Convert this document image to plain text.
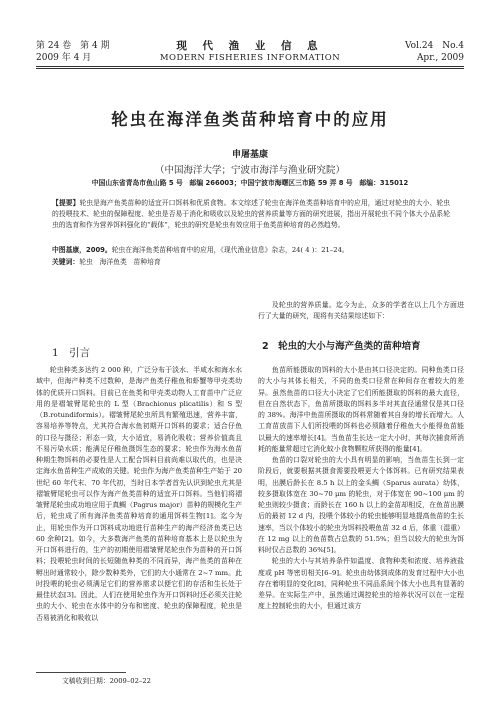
第 24 卷　第 4 期
2009 年 4 月
现 代 渔 业 信 息
MODERN FISHERIES INFORMATION
Vol.24　No.4
Apr., 2009
轮虫在海洋鱼类苗种培育中的应用
申屠基康
（中国海洋大学；宁波市海洋与渔业研究院）
中国山东省青岛市鱼山路 5 号　邮编 266003；中国宁波市海曙区三市路 59 弄 8 号　邮编：315012
【提要】轮虫是海产鱼类苗种的适宜开口饵料和优质食物。本文综述了轮虫在海洋鱼类苗种培育中的应用，通过对轮虫的大小、轮虫的投喂技术、轮虫的保障程度、轮虫是否易于消化和吸收以及轮虫的营养质量等方面的研究进展，指出开展轮虫不同个体大小品系轮虫的选育和作为营养饵料强化的“载体”，轮虫的研究是轮虫有效应用于鱼类苗种培育的必然趋势。
中图基康，2009。轮虫在海洋鱼类苗种培育中的应用，《现代渔业信息》杂志，24( 4 )：21–24。
关键词：轮虫　海洋鱼类　苗种培育

及轮虫的营养质量。迄今为止，众多的学者在以上几个方面进行了大量的研究，现将有关结果综述如下：

1　引言
2　轮虫的大小与海产鱼类的苗种培育

轮虫种类多达约 2 000 种，广泛分布于淡水、半咸水和海水水域中，但海产种类不过数种，是海产鱼类仔稚鱼和虾蟹等甲壳类幼体的优质开口饵料。目前已在鱼类和甲壳类动物人工育苗中广泛应用的是褶皱臂尾轮虫的 L 型（Brachionus plicatilis）和 S 型（B.rotundiformis）。褶皱臂尾轮虫所具有繁殖迅速，营养丰富，容易培养等特点，尤其符合海水鱼初期开口饵料的要求；适合仔鱼的口径与摄径；形态一致，大小适宜，易消化吸收；营养价值高且不易污染水质；能满足仔稚鱼摄饵生态的要求；轮虫作为海水鱼苗种期生物饵料的必要性是人工配合饵料目前尚难以取代的，也是决定海水鱼苗种生产成败的关键。轮虫作为海产鱼类苗种生产始于 20 世纪 60 年代末、70 年代初，当时日本学者首先认识到轮虫尤其是褶皱臂尾轮虫可以作为海产鱼类苗种的适宜开口饵料。当他们将褶皱臂尾轮虫成功地应用于真鲷（Pagrus major）苗种的规模化生产后，轮虫成了所有海洋鱼类苗种培育的通用饵料生物[1]。迄今为止，用轮虫作为开口饵料成功地进行苗种生产的海产经济鱼类已达 60 余种[2]。如今，大多数海产鱼类的苗种培育基本上是以轮虫为开口饵料进行的，生产的初期使用褶皱臂尾轮虫作为苗种的开口饵料；投喂轮虫时间的长短随鱼种类的不同而异，海产鱼类的苗种在孵出时通常较小，除少数种类外，它们的大小通常在 2~7 mm。此时投喂的轮虫必须满足它们的营养需求以便它们的存活和生长处于最佳状态[3]。因此，人们在使用轮虫作为开口饵料时还必须关注轮虫的大小、轮虫在水体中的分布和密度、轮虫的保障程度，轮虫是否易被消化和吸收以

鱼苗所能摄取的饵料的大小是由其口径决定的。同种鱼类口径的大小与其体长相关，不同的鱼类口径常在种间存在着较大的差异。虽然鱼苗的口径大小决定了它们所能摄取的饵料的最大直径，但在自然状态下，鱼苗所摄取的饵料多半对其直径通常仅是其口径的 38%。海洋中鱼苗所摄取的饵料常随着其自身的增长而增大。人工育苗放苗下人们所投喂的饵料也必须随着仔稚鱼大小能得鱼苗能以最大的速率增长[4]。当鱼苗生长达一定大小时，其每次捕食所消耗的能量常超过它消化蚊小食物颗粒所获得的能量[4]。

鱼苗的口裂对轮虫的大小具有明显的影响，当鱼苗生长到一定阶段后，就要根据其摄食需要投喂更大个体饵料。已有研究结果表明，出膜后龄长在 8.5 h 以上的金头鲷（Sparus aurata）幼体，较多摄取体宽在 30~70 μm 的轮虫，对于体宽在 90~100 μm 的轮虫则较少摄食；而龄长在 160 h 以上的金苗却相反，在鱼苗出膜后的最初 12 d 内，投喂个体较小的轮虫能够明显地提高鱼苗的生长速率，当以个体较小的轮虫为饵料投喂鱼苗 32 d 后，体重（湿重）在 12 mg 以上的鱼苗数占总数的 51.5%；但当以较大的轮虫为饵料时仅占总数的 36%[5]。

轮虫的大小与其培养条件如温度、食物种类和浓度、培养液盐度或 pH 等密切相关[6–9]。轮虫由幼体到成体的发育过程中大小也存在着明显的变化[8]，同种轮虫不同品系间个体大小也具有显著的差异。在实际生产中，虽然通过调控轮虫的培养状况可以在一定程度上控制轮虫的大小，但通过该方

文稿收到日期：2009–02–22
